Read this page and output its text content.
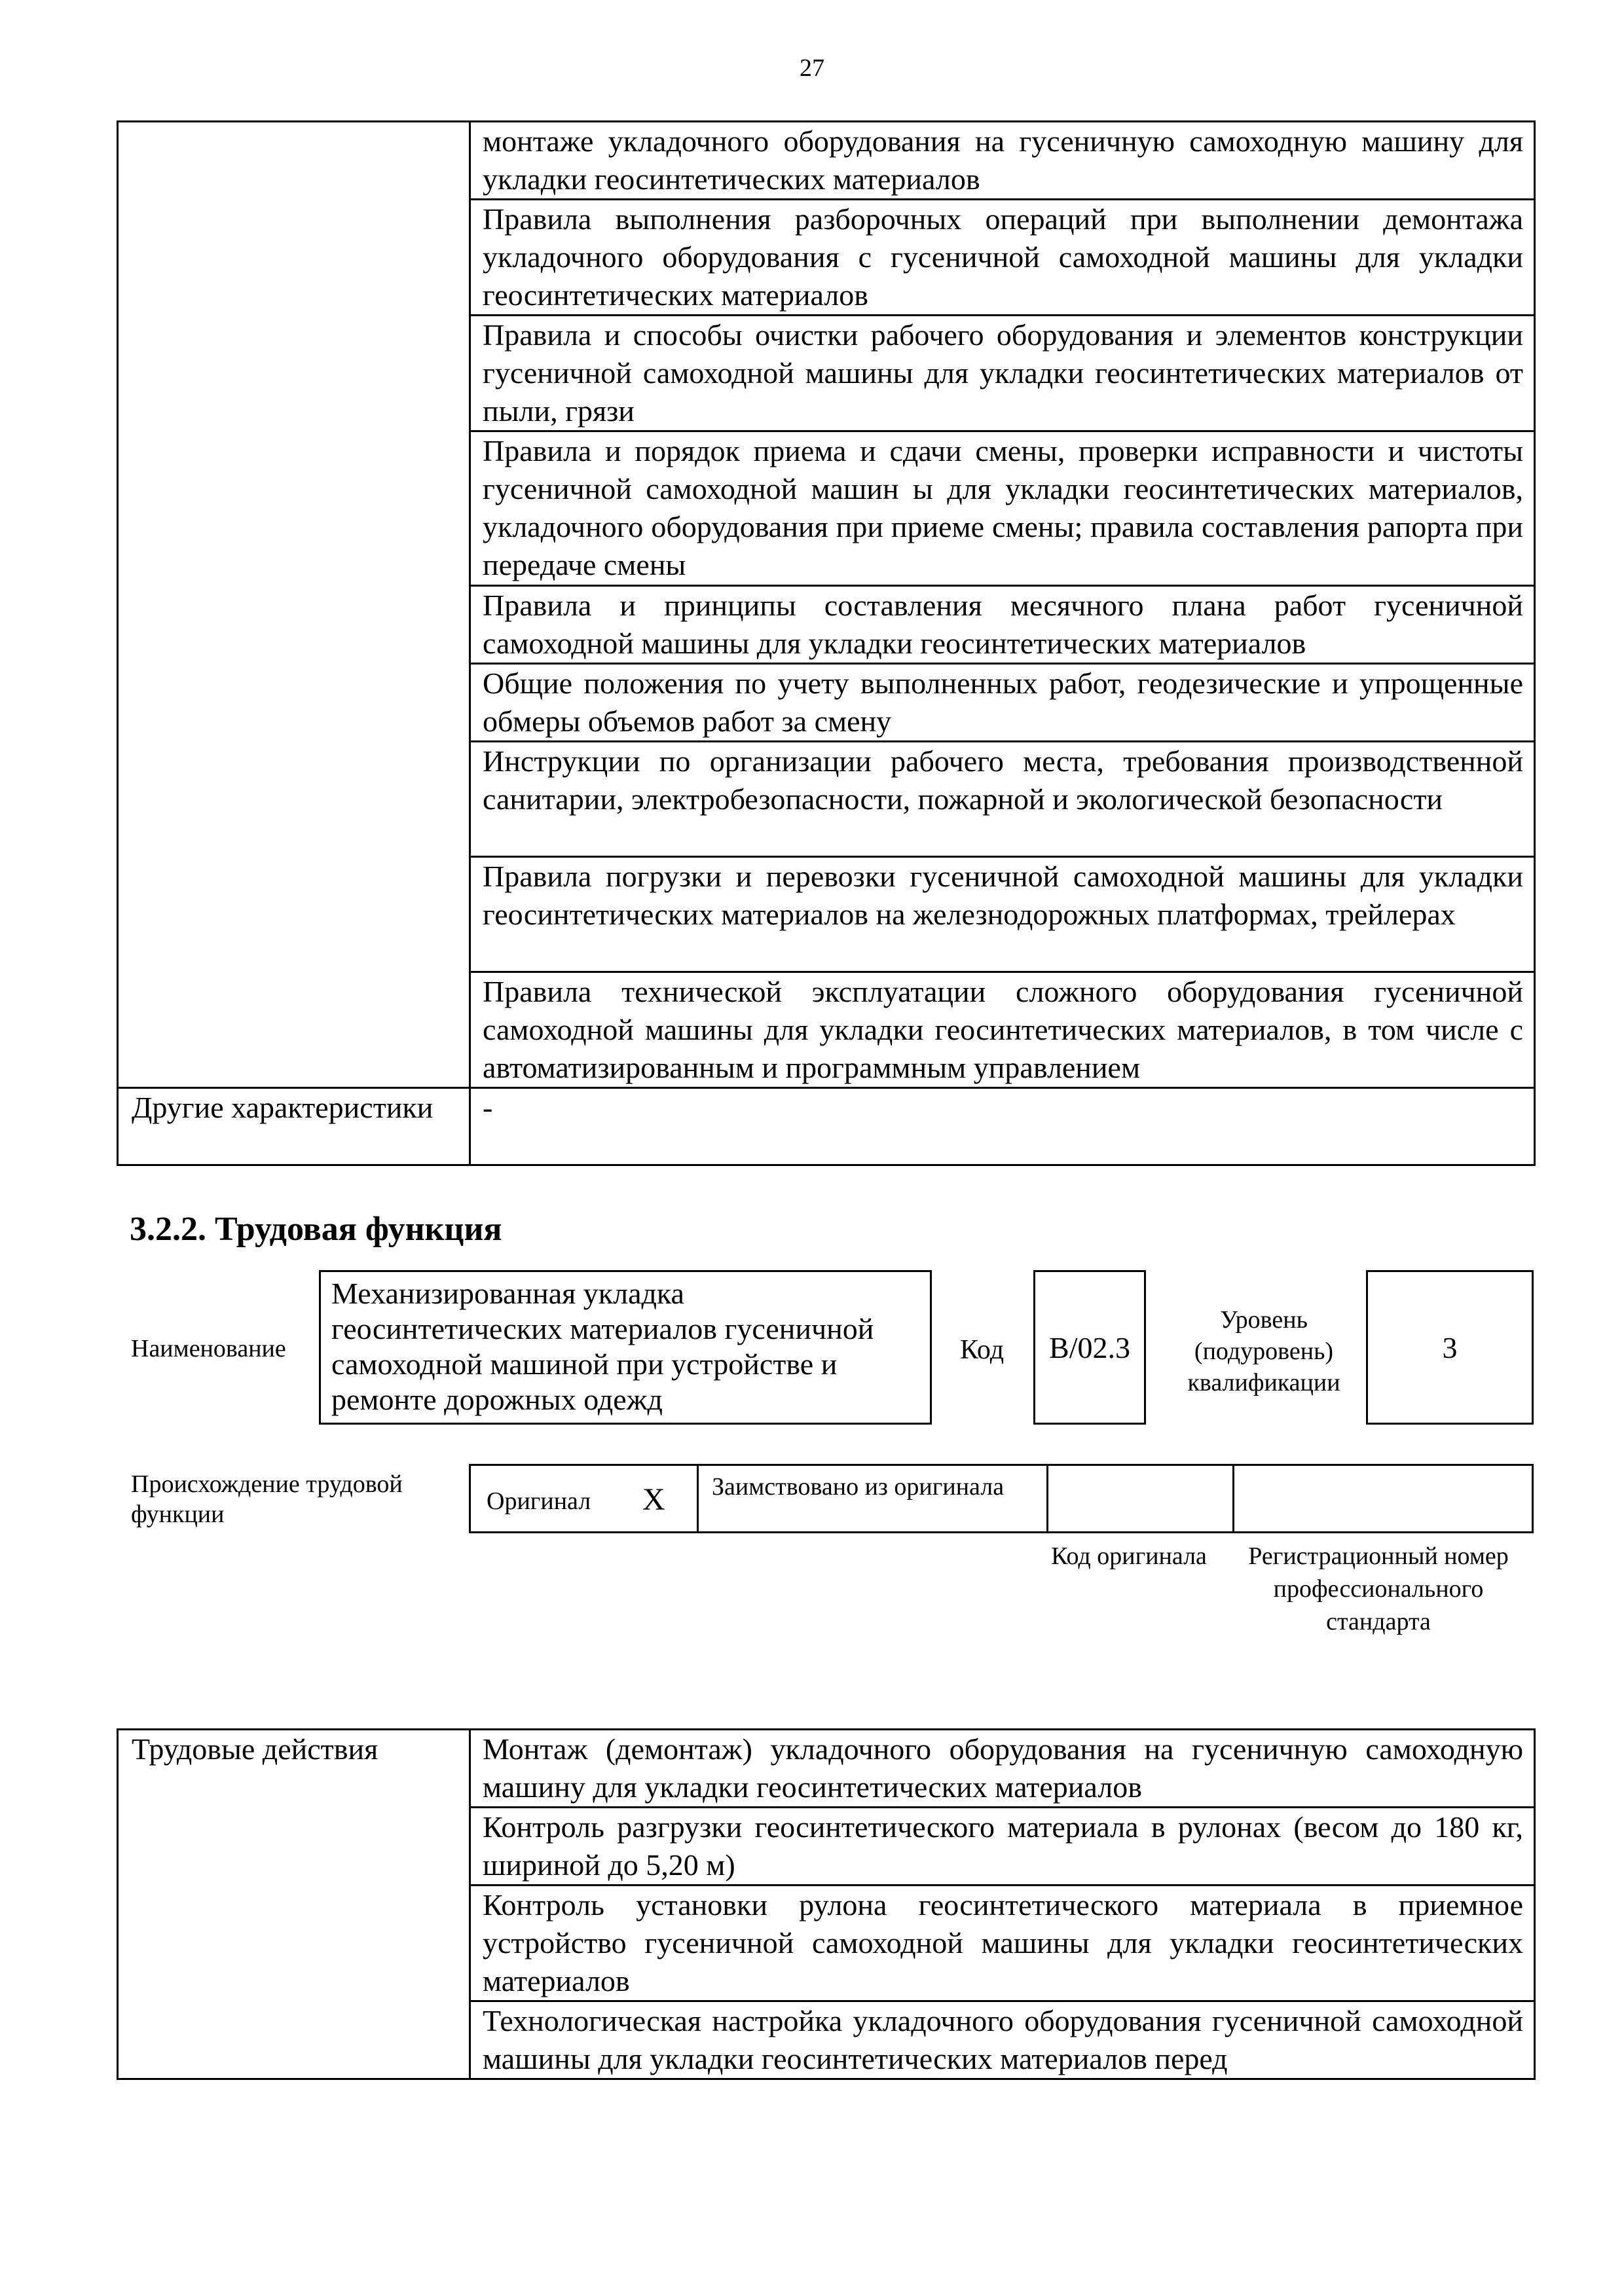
27
	монтаже укладочного оборудования на гусеничную самоходную машину для укладки геосинтетических материалов
	Правила выполнения разборочных операций при выполнении демонтажа укладочного оборудования с гусеничной самоходной машины для укладки геосинтетических материалов
	Правила и способы очистки рабочего оборудования и элементов конструкции гусеничной самоходной машины для укладки геосинтетических материалов от пыли, грязи
	Правила и порядок приема и сдачи смены, проверки исправности и чистоты гусеничной самоходной машин ы для укладки геосинтетических материалов, укладочного оборудования при приеме смены; правила составления рапорта при передаче смены
	Правила и принципы составления месячного плана работ гусеничной самоходной машины для укладки геосинтетических материалов
	Общие положения по учету выполненных работ, геодезические и упрощенные обмеры объемов работ за смену
	Инструкции по организации рабочего места, требования производственной санитарии, электробезопасности, пожарной и экологической безопасности
	Правила погрузки и перевозки гусеничной самоходной машины для укладки геосинтетических материалов на железнодорожных платформах, трейлерах
	Правила технической эксплуатации сложного оборудования гусеничной самоходной машины для укладки геосинтетических материалов, в том числе с автоматизированным и программным управлением
Другие характеристики	-
3.2.2. Трудовая функция
Наименование
Механизированная укладка геосинтетических материалов гусеничной самоходной машиной при устройстве и ремонте дорожных одежд
Код	B/02.3
Уровень (подуровень) квалификации
3
Происхождение трудовой функции	Оригинал X Заимствовано из оригинала
Код оригинала	Регистрационный номер профессионального стандарта
Трудовые действия	Монтаж (демонтаж) укладочного оборудования на гусеничную самоходную машину для укладки геосинтетических материалов
Контроль разгрузки геосинтетического материала в рулонах (весом до 180 кг, шириной до 5,20 м)
Контроль установки рулона геосинтетического материала в приемное устройство гусеничной самоходной машины для укладки геосинтетических материалов
Технологическая настройка укладочного оборудования гусеничной самоходной машины для укладки геосинтетических материалов перед
